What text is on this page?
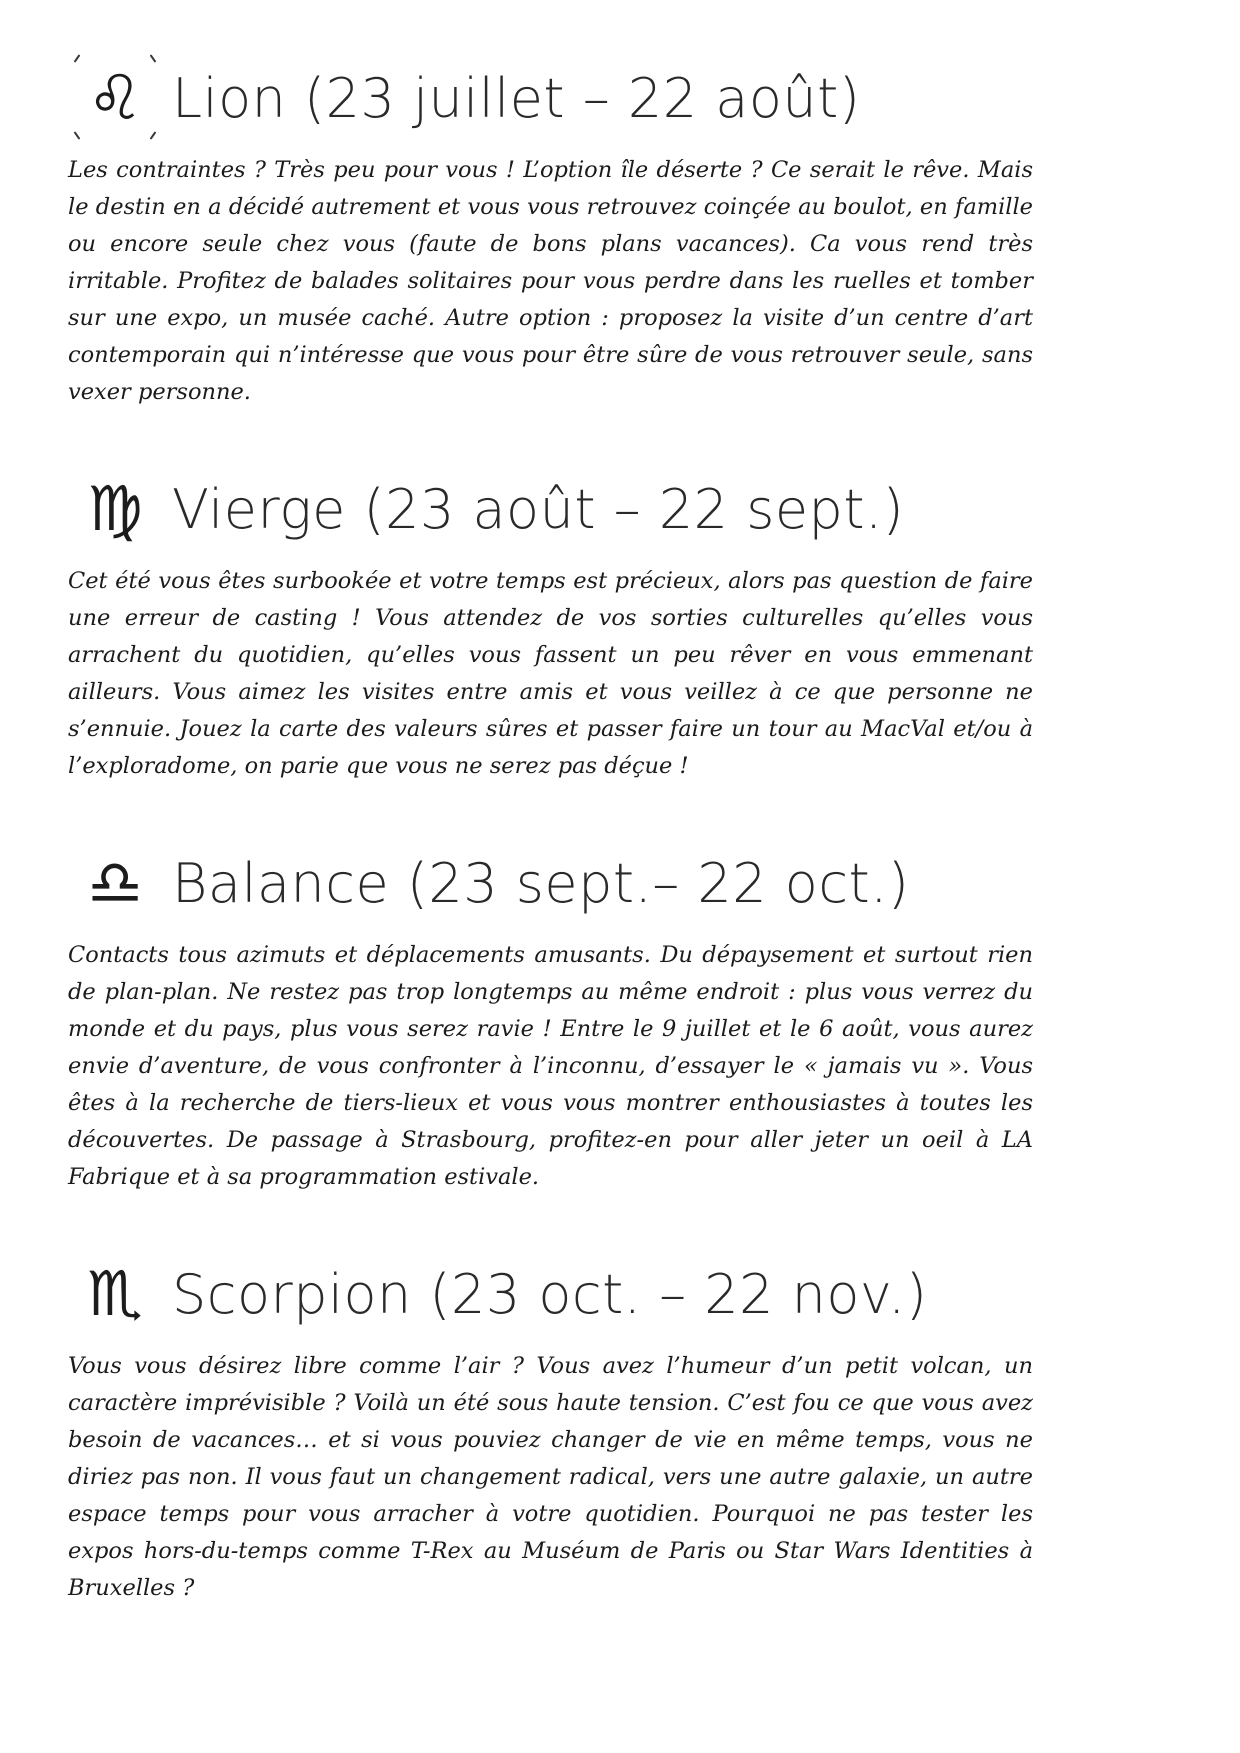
♌ Lion (23 juillet – 22 août)

Les contraintes ? Très peu pour vous ! L’option île déserte ? Ce serait le rêve. Mais le destin en a décidé autrement et vous vous retrouvez coinçée au boulot, en famille ou encore seule chez vous (faute de bons plans vacances). Ca vous rend très irritable. Profitez de balades solitaires pour vous perdre dans les ruelles et tomber sur une expo, un musée caché. Autre option : proposez la visite d’un centre d’art contemporain qui n’intéresse que vous pour être sûre de vous retrouver seule, sans vexer personne.

♍ Vierge (23 août – 22 sept.)

Cet été vous êtes surbookée et votre temps est précieux, alors pas question de faire une erreur de casting ! Vous attendez de vos sorties culturelles qu’elles vous arrachent du quotidien, qu’elles vous fassent un peu rêver en vous emmenant ailleurs. Vous aimez les visites entre amis et vous veillez à ce que personne ne s’ennuie. Jouez la carte des valeurs sûres et passer faire un tour au MacVal et/ou à l’exploradome, on parie que vous ne serez pas déçue !

♎ Balance (23 sept.– 22 oct.)

Contacts tous azimuts et déplacements amusants. Du dépaysement et surtout rien de plan-plan. Ne restez pas trop longtemps au même endroit : plus vous verrez du monde et du pays, plus vous serez ravie ! Entre le 9 juillet et le 6 août, vous aurez envie d’aventure, de vous confronter à l’inconnu, d’essayer le « jamais vu ». Vous êtes à la recherche de tiers-lieux et vous vous montrer enthousiastes à toutes les découvertes. De passage à Strasbourg, profitez-en pour aller jeter un oeil à LA Fabrique et à sa programmation estivale.

♏ Scorpion (23 oct. – 22 nov.)

Vous vous désirez libre comme l’air ? Vous avez l’humeur d’un petit volcan, un caractère imprévisible ? Voilà un été sous haute tension. C’est fou ce que vous avez besoin de vacances… et si vous pouviez changer de vie en même temps, vous ne diriez pas non. Il vous faut un changement radical, vers une autre galaxie, un autre espace temps pour vous arracher à votre quotidien. Pourquoi ne pas tester les expos hors-du-temps comme T-Rex au Muséum de Paris ou Star Wars Identities à Bruxelles ?
